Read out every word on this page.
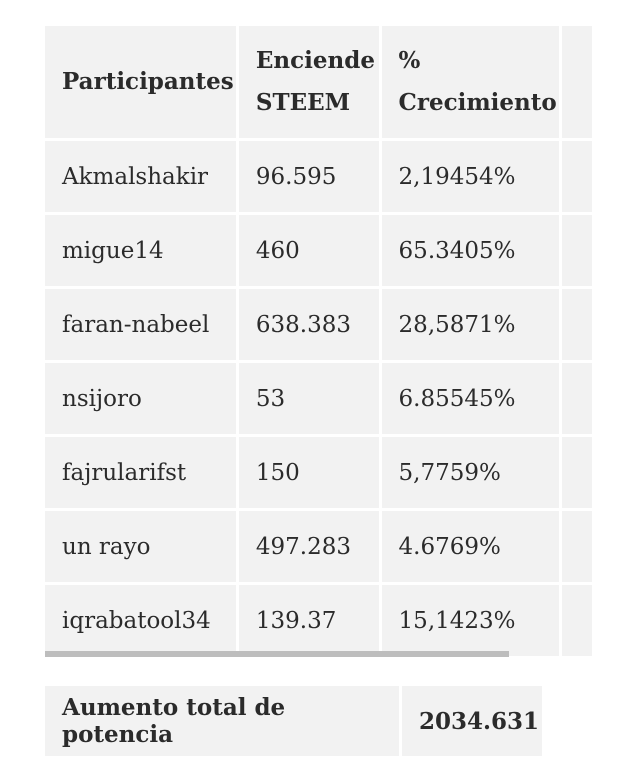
Participantes	Enciende STEEM	% Crecimiento	
Akmalshakir	96.595	2,19454%	
migue14	460	65.3405%	
faran-nabeel	638.383	28,5871%	
nsijoro	53	6.85545%	
fajrularifst	150	5,7759%	
un rayo	497.283	4.6769%	
iqrabatool34	139.37	15,1423%	
Aumento total de potencia	2034.631
